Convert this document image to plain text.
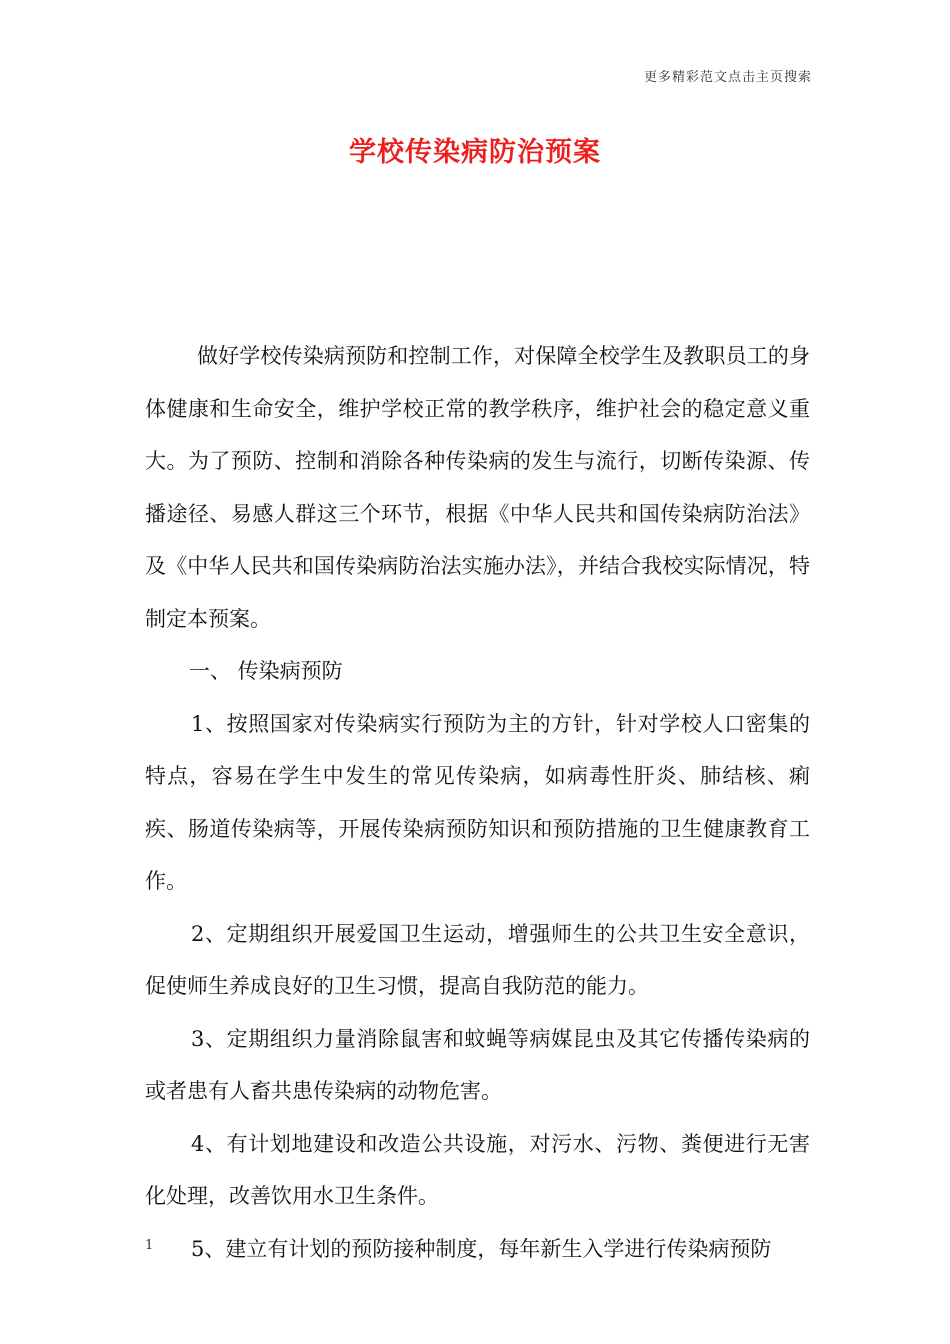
更多精彩范文点击主页搜索
学校传染病防治预案

做好学校传染病预防和控制工作，对保障全校学生及教职员工的身体健康和生命安全，维护学校正常的教学秩序，维护社会的稳定意义重大。为了预防、控制和消除各种传染病的发生与流行，切断传染源、传播途径、易感人群这三个环节，根据《中华人民共和国传染病防治法》及《中华人民共和国传染病防治法实施办法》，并结合我校实际情况，特制定本预案。

一、 传染病预防

1、按照国家对传染病实行预防为主的方针，针对学校人口密集的特点，容易在学生中发生的常见传染病，如病毒性肝炎、肺结核、痢疾、肠道传染病等，开展传染病预防知识和预防措施的卫生健康教育工作。

2、定期组织开展爱国卫生运动，增强师生的公共卫生安全意识，促使师生养成良好的卫生习惯，提高自我防范的能力。

3、定期组织力量消除鼠害和蚊蝇等病媒昆虫及其它传播传染病的或者患有人畜共患传染病的动物危害。

4、有计划地建设和改造公共设施，对污水、污物、粪便进行无害化处理，改善饮用水卫生条件。

5、建立有计划的预防接种制度，每年新生入学进行传染病预防

1
